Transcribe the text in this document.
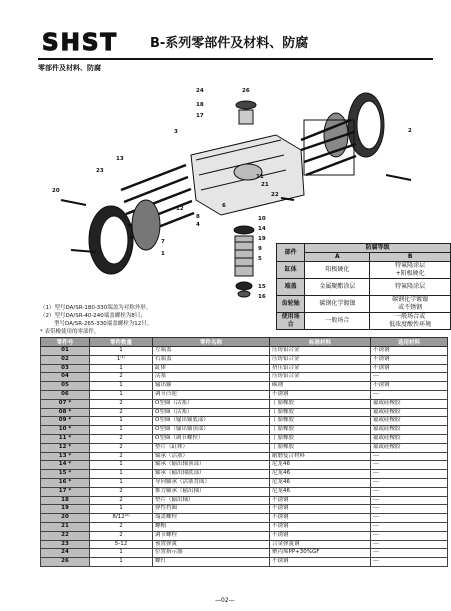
SHST B-系列零部件及材料、防腐
零部件及材料、防腐
24	26
18
17
3	2
13
23
20
12
8
4
7
1
11
21
22
6
10
14
19
9
5
15
16
部件	防腐等级	
	A	B
缸体	阳极硬化	特氟隆涂层
+阳极硬化
端盖	金属聚酯涂层	特氟隆涂层
齿轮轴	碳钢化学镀镍	碳钢化学镀镍
或不锈钢
使用场合	一般场合	一般场合或
低浓度酸性环境
（1）型号DA/SR-180-330端盖为对称外形。
（2）型号DA/SR-40-240端盖螺栓为8只；
型号DA/SR-265-330端盖螺栓为12只。
* 表带橡使用的零部件。
零件号	零件数量	零件名称	标准材料	选用材料
01	1	左端盖	压铸铝合金	不锈钢
02	1⁽¹⁾	右端盖	压铸铝合金	不锈钢
03	1	缸体	挤压铝合金	不锈钢
04	2	活塞	压铸铝合金	---
05	1	输出轴	碳钢	不锈钢
06	1	调节凸轮	不锈钢	---
07 *	2	O型圈（活塞）	丁腈橡胶	氟或硅橡胶
08 *	2	O型圈（活塞）	丁腈橡胶	氟或硅橡胶
09 *	1	O型圈（输出轴底部）	丁腈橡胶	氟或硅橡胶
10 *	1	O型圈（输出轴顶部）	丁腈橡胶	氟或硅橡胶
11 *	2	O型圈（调节螺栓）	丁腈橡胶	氟或硅橡胶
12 *	2	垫片（缸体）	丁腈橡胶	氟或硅橡胶
13 *	2	轴承（活塞）	耐磨复合材料	---
14 *	1	轴承（输出轴顶部）	尼龙46	---
15 *	1	轴承（输出轴底部）	尼龙46	---
16 *	1	导向轴承（活塞背面）	尼龙46	---
17 *	2	推力轴承（输出轴）	尼龙46	---
18	2	垫片（输出轴）	不锈钢	---
19	1	弹性挡圈	不锈钢	---
20	8/12⁽²⁾	端盖螺栓	不锈钢	---
21	2	螺帽	不锈钢	---
22	2	调节螺栓	不锈钢	---
23	5-12	预置弹簧	合金弹簧钢	---
24	1	位置指示器	聚丙烯PP+30%GF	---
26	1	螺钉	不锈钢	---
—02—
